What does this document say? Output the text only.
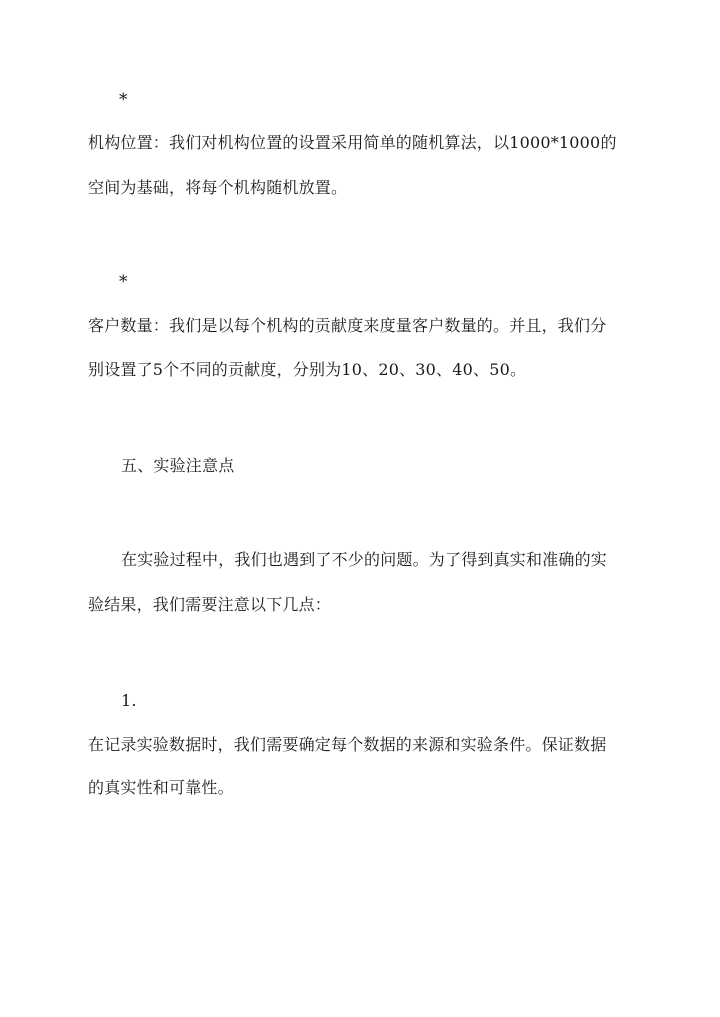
*
机构位置：我们对机构位置的设置采用简单的随机算法，以1000*1000的
空间为基础，将每个机构随机放置。
*
客户数量：我们是以每个机构的贡献度来度量客户数量的。并且，我们分
别设置了5个不同的贡献度，分别为10、20、30、40、50。
五、实验注意点
在实验过程中，我们也遇到了不少的问题。为了得到真实和准确的实
验结果，我们需要注意以下几点：
1.
在记录实验数据时，我们需要确定每个数据的来源和实验条件。保证数据
的真实性和可靠性。
